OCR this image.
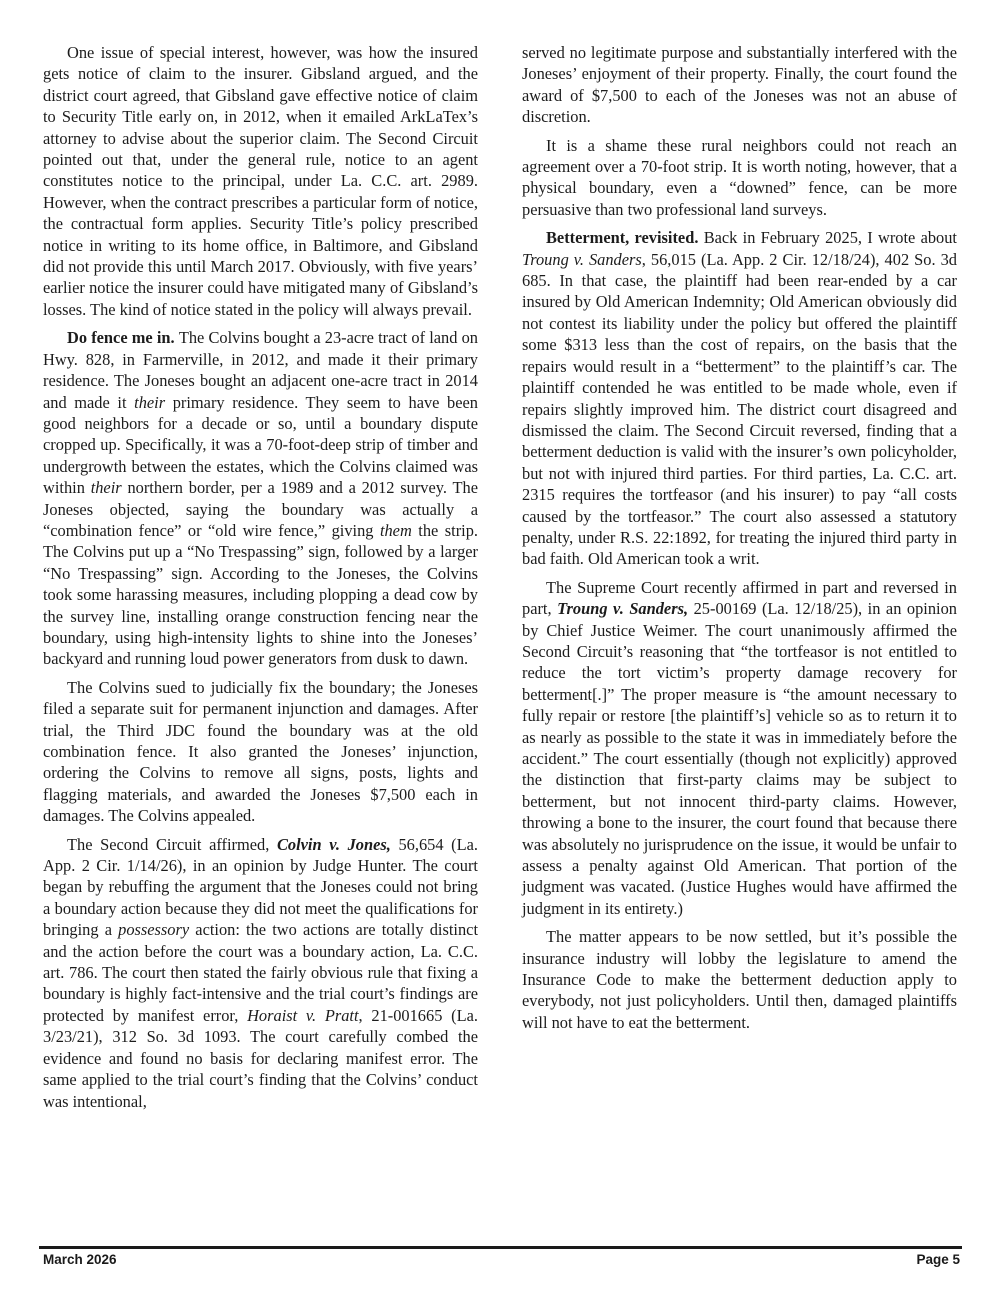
One issue of special interest, however, was how the insured gets notice of claim to the insurer. Gibsland argued, and the district court agreed, that Gibsland gave effective notice of claim to Security Title early on, in 2012, when it emailed ArkLaTex’s attorney to advise about the superior claim. The Second Circuit pointed out that, under the general rule, notice to an agent constitutes notice to the principal, under La. C.C. art. 2989. However, when the contract prescribes a particular form of notice, the contractual form applies. Security Title’s policy prescribed notice in writing to its home office, in Baltimore, and Gibsland did not provide this until March 2017. Obviously, with five years’ earlier notice the insurer could have mitigated many of Gibsland’s losses. The kind of notice stated in the policy will always prevail.

Do fence me in. The Colvins bought a 23-acre tract of land on Hwy. 828, in Farmerville, in 2012, and made it their primary residence. The Joneses bought an adjacent one-acre tract in 2014 and made it their primary residence. They seem to have been good neighbors for a decade or so, until a boundary dispute cropped up. Specifically, it was a 70-foot-deep strip of timber and undergrowth between the estates, which the Colvins claimed was within their northern border, per a 1989 and a 2012 survey. The Joneses objected, saying the boundary was actually a “combination fence” or “old wire fence,” giving them the strip. The Colvins put up a “No Trespassing” sign, followed by a larger “No Trespassing” sign. According to the Joneses, the Colvins took some harassing measures, including plopping a dead cow by the survey line, installing orange construction fencing near the boundary, using high-intensity lights to shine into the Joneses’ backyard and running loud power generators from dusk to dawn.

The Colvins sued to judicially fix the boundary; the Joneses filed a separate suit for permanent injunction and damages. After trial, the Third JDC found the boundary was at the old combination fence. It also granted the Joneses’ injunction, ordering the Colvins to remove all signs, posts, lights and flagging materials, and awarded the Joneses $7,500 each in damages. The Colvins appealed.

The Second Circuit affirmed, Colvin v. Jones, 56,654 (La. App. 2 Cir. 1/14/26), in an opinion by Judge Hunter. The court began by rebuffing the argument that the Joneses could not bring a boundary action because they did not meet the qualifications for bringing a possessory action: the two actions are totally distinct and the action before the court was a boundary action, La. C.C. art. 786. The court then stated the fairly obvious rule that fixing a boundary is highly fact-intensive and the trial court’s findings are protected by manifest error, Horaist v. Pratt, 21-001665 (La. 3/23/21), 312 So. 3d 1093. The court carefully combed the evidence and found no basis for declaring manifest error. The same applied to the trial court’s finding that the Colvins’ conduct was intentional,

served no legitimate purpose and substantially interfered with the Joneses’ enjoyment of their property. Finally, the court found the award of $7,500 to each of the Joneses was not an abuse of discretion.

It is a shame these rural neighbors could not reach an agreement over a 70-foot strip. It is worth noting, however, that a physical boundary, even a “downed” fence, can be more persuasive than two professional land surveys.

Betterment, revisited. Back in February 2025, I wrote about Troung v. Sanders, 56,015 (La. App. 2 Cir. 12/18/24), 402 So. 3d 685. In that case, the plaintiff had been rear-ended by a car insured by Old American Indemnity; Old American obviously did not contest its liability under the policy but offered the plaintiff some $313 less than the cost of repairs, on the basis that the repairs would result in a “betterment” to the plaintiff’s car. The plaintiff contended he was entitled to be made whole, even if repairs slightly improved him. The district court disagreed and dismissed the claim. The Second Circuit reversed, finding that a betterment deduction is valid with the insurer’s own policyholder, but not with injured third parties. For third parties, La. C.C. art. 2315 requires the tortfeasor (and his insurer) to pay “all costs caused by the tortfeasor.” The court also assessed a statutory penalty, under R.S. 22:1892, for treating the injured third party in bad faith. Old American took a writ.

The Supreme Court recently affirmed in part and reversed in part, Troung v. Sanders, 25-00169 (La. 12/18/25), in an opinion by Chief Justice Weimer. The court unanimously affirmed the Second Circuit’s reasoning that “the tortfeasor is not entitled to reduce the tort victim’s property damage recovery for betterment[.]” The proper measure is “the amount necessary to fully repair or restore [the plaintiff’s] vehicle so as to return it to as nearly as possible to the state it was in immediately before the accident.” The court essentially (though not explicitly) approved the distinction that first-party claims may be subject to betterment, but not innocent third-party claims. However, throwing a bone to the insurer, the court found that because there was absolutely no jurisprudence on the issue, it would be unfair to assess a penalty against Old American. That portion of the judgment was vacated. (Justice Hughes would have affirmed the judgment in its entirety.)

The matter appears to be now settled, but it’s possible the insurance industry will lobby the legislature to amend the Insurance Code to make the betterment deduction apply to everybody, not just policyholders. Until then, damaged plaintiffs will not have to eat the betterment.

March 2026	Page 5
